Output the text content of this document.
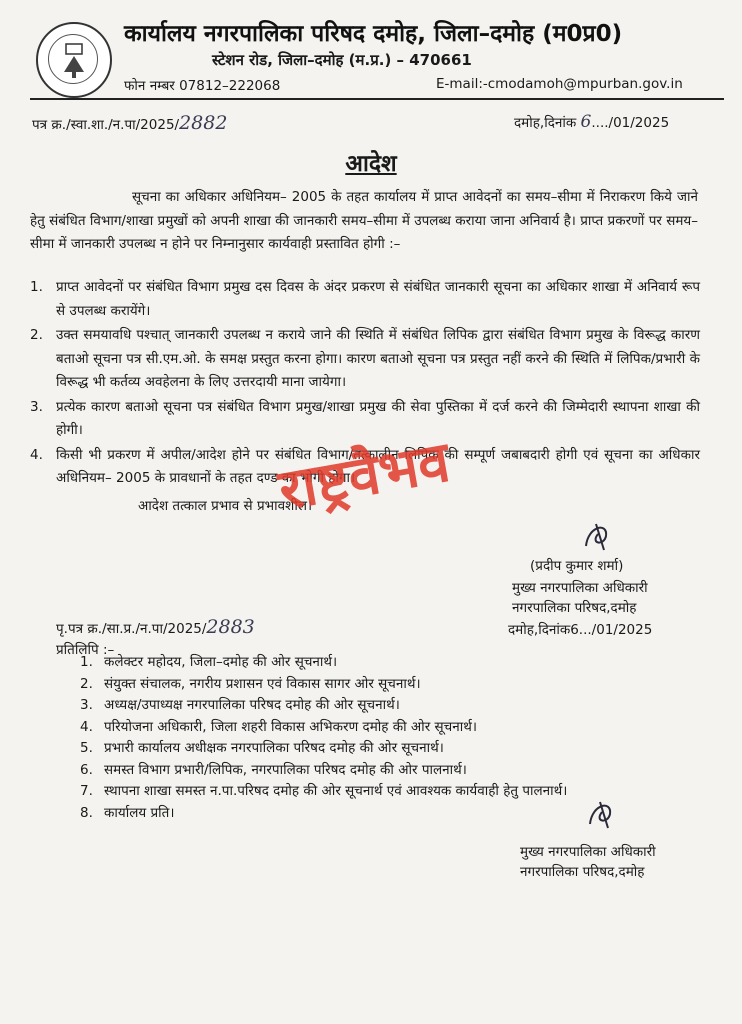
कार्यालय नगरपालिका परिषद दमोह, जिला–दमोह (म0प्र0)
स्टेशन रोड, जिला–दमोह (म.प्र.) – 470661
फोन नम्बर 07812–222068	E-mail:-cmodamoh@mpurban.gov.in
पत्र क्र./स्वा.शा./न.पा/2025/2882	दमोह,दिनांक 6..../01/2025
आदेश
सूचना का अधिकार अधिनियम– 2005 के तहत कार्यालय में प्राप्त आवेदनों का समय–सीमा में निराकरण किये जाने हेतु संबंधित विभाग/शाखा प्रमुखों को अपनी शाखा की जानकारी समय–सीमा में उपलब्ध कराया जाना अनिवार्य है। प्राप्त प्रकरणों पर समय–सीमा में जानकारी उपलब्ध न होने पर निम्नानुसार कार्यवाही प्रस्तावित होगी :–
1. प्राप्त आवेदनों पर संबंधित विभाग प्रमुख दस दिवस के अंदर प्रकरण से संबंधित जानकारी सूचना का अधिकार शाखा में अनिवार्य रूप से उपलब्ध करायेंगे।
2. उक्त समयावधि पश्चात् जानकारी उपलब्ध न कराये जाने की स्थिति में संबंधित लिपिक द्वारा संबंधित विभाग प्रमुख के विरूद्ध कारण बताओ सूचना पत्र सी.एम.ओ. के समक्ष प्रस्तुत करना होगा। कारण बताओ सूचना पत्र प्रस्तुत नहीं करने की स्थिति में लिपिक/प्रभारी के विरूद्ध भी कर्तव्य अवहेलना के लिए उत्तरदायी माना जायेगा।
3. प्रत्येक कारण बताओ सूचना पत्र संबंधित विभाग प्रमुख/शाखा प्रमुख की सेवा पुस्तिका में दर्ज करने की जिम्मेदारी स्थापना शाखा की होगी।
4. किसी भी प्रकरण में अपील/आदेश होने पर संबंधित विभाग/तत्कालीन लिपिक की सम्पूर्ण जबाबदारी होगी एवं सूचना का अधिकार अधिनियम– 2005 के प्रावधानों के तहत दण्ड का भोगी होगा।
आदेश तत्काल प्रभाव से प्रभावशील।
राष्ट्रवैभव
(प्रदीप कुमार शर्मा)
मुख्य नगरपालिका अधिकारी
नगरपालिका परिषद,दमोह
दमोह,दिनांक6.../01/2025
पृ.पत्र क्र./सा.प्र./न.पा/2025/2883
प्रतिलिपि :–
1. कलेक्टर महोदय, जिला–दमोह की ओर सूचनार्थ।
2. संयुक्त संचालक, नगरीय प्रशासन एवं विकास सागर ओर सूचनार्थ।
3. अध्यक्ष/उपाध्यक्ष नगरपालिका परिषद दमोह की ओर सूचनार्थ।
4. परियोजना अधिकारी, जिला शहरी विकास अभिकरण दमोह की ओर सूचनार्थ।
5. प्रभारी कार्यालय अधीक्षक नगरपालिका परिषद दमोह की ओर सूचनार्थ।
6. समस्त विभाग प्रभारी/लिपिक, नगरपालिका परिषद दमोह की ओर पालनार्थ।
7. स्थापना शाखा समस्त न.पा.परिषद दमोह की ओर सूचनार्थ एवं आवश्यक कार्यवाही हेतु पालनार्थ।
8. कार्यालय प्रति।
मुख्य नगरपालिका अधिकारी
नगरपालिका परिषद,दमोह
